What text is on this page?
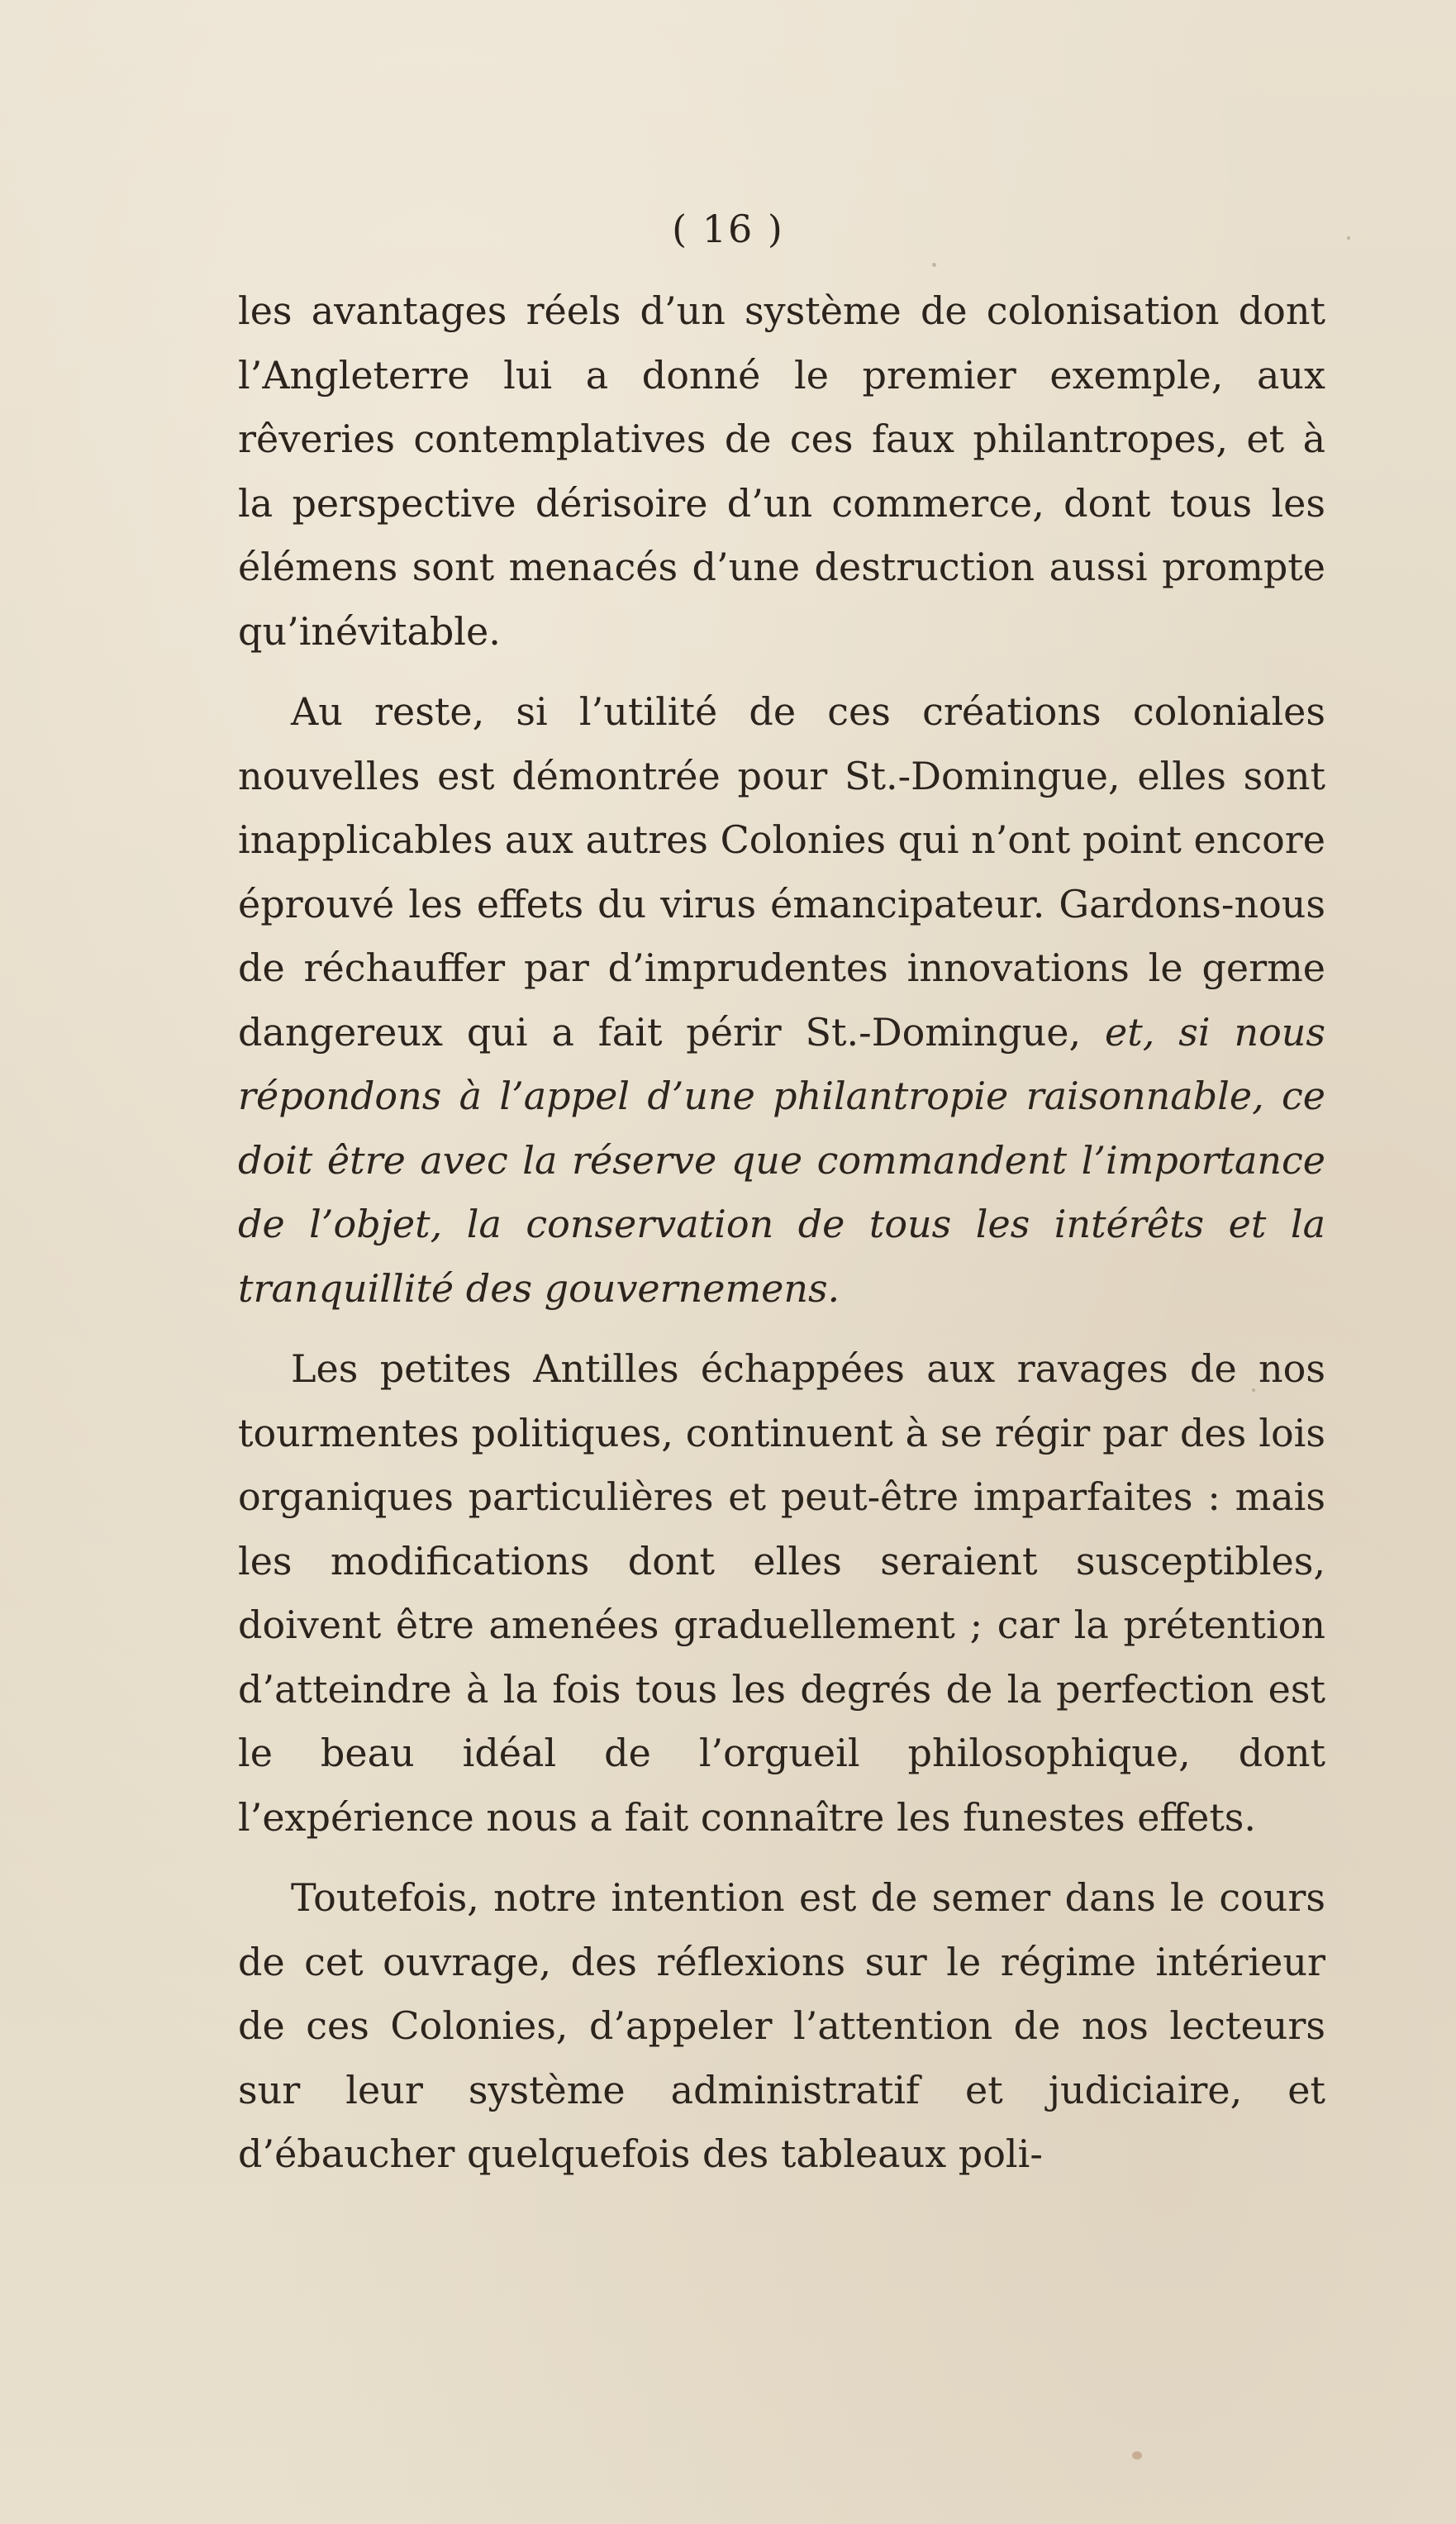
( 16 )

les avantages réels d’un système de colonisation dont l’Angleterre lui a donné le premier exemple, aux rêveries contemplatives de ces faux philantropes, et à la perspective dérisoire d’un commerce, dont tous les élémens sont menacés d’une destruction aussi prompte qu’inévitable.

Au reste, si l’utilité de ces créations coloniales nouvelles est démontrée pour St.-Domingue, elles sont inapplicables aux autres Colonies qui n’ont point encore éprouvé les effets du virus émancipateur. Gardons-nous de réchauffer par d’imprudentes innovations le germe dangereux qui a fait périr St.-Domingue, et, si nous répondons à l’appel d’une philantropie raisonnable, ce doit être avec la réserve que commandent l’importance de l’objet, la conservation de tous les intérêts et la tranquillité des gouvernemens.

Les petites Antilles échappées aux ravages de nos tourmentes politiques, continuent à se régir par des lois organiques particulières et peut-être imparfaites : mais les modifications dont elles seraient susceptibles, doivent être amenées graduellement ; car la prétention d’atteindre à la fois tous les degrés de la perfection est le beau idéal de l’orgueil philosophique, dont l’expérience nous a fait connaître les funestes effets.

Toutefois, notre intention est de semer dans le cours de cet ouvrage, des réflexions sur le régime intérieur de ces Colonies, d’appeler l’attention de nos lecteurs sur leur système administratif et judiciaire, et d’ébaucher quelquefois des tableaux poli-
